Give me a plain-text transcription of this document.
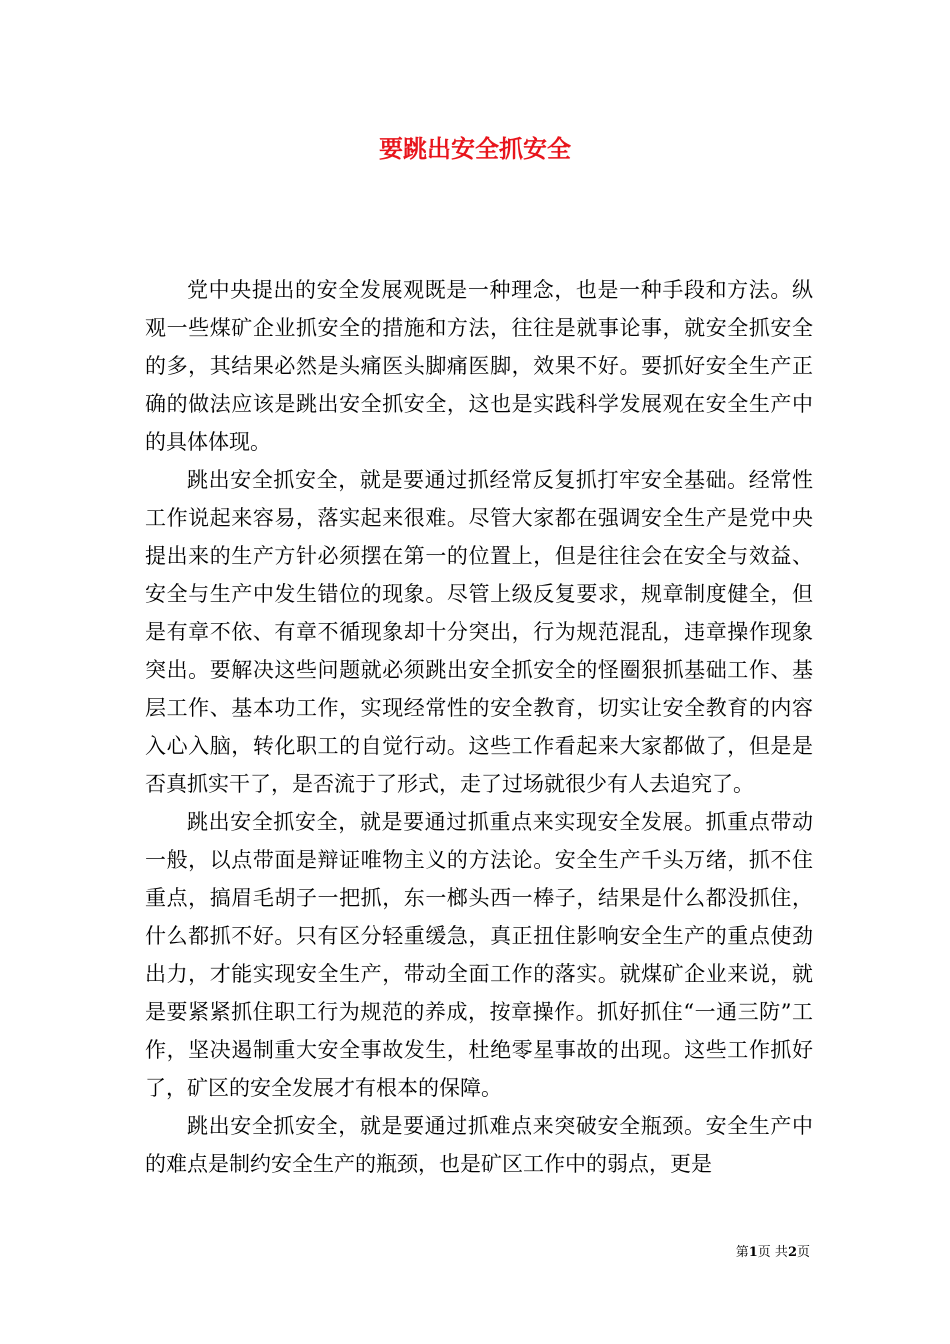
要跳出安全抓安全

党中央提出的安全发展观既是一种理念，也是一种手段和方法。纵观一些煤矿企业抓安全的措施和方法，往往是就事论事，就安全抓安全的多，其结果必然是头痛医头脚痛医脚，效果不好。要抓好安全生产正确的做法应该是跳出安全抓安全，这也是实践科学发展观在安全生产中的具体体现。

跳出安全抓安全，就是要通过抓经常反复抓打牢安全基础。经常性工作说起来容易，落实起来很难。尽管大家都在强调安全生产是党中央提出来的生产方针必须摆在第一的位置上，但是往往会在安全与效益、安全与生产中发生错位的现象。尽管上级反复要求，规章制度健全，但是有章不依、有章不循现象却十分突出，行为规范混乱，违章操作现象突出。要解决这些问题就必须跳出安全抓安全的怪圈狠抓基础工作、基层工作、基本功工作，实现经常性的安全教育，切实让安全教育的内容入心入脑，转化职工的自觉行动。这些工作看起来大家都做了，但是是否真抓实干了，是否流于了形式，走了过场就很少有人去追究了。

跳出安全抓安全，就是要通过抓重点来实现安全发展。抓重点带动一般，以点带面是辩证唯物主义的方法论。安全生产千头万绪，抓不住重点，搞眉毛胡子一把抓，东一榔头西一棒子，结果是什么都没抓住，什么都抓不好。只有区分轻重缓急，真正扭住影响安全生产的重点使劲出力，才能实现安全生产，带动全面工作的落实。就煤矿企业来说，就是要紧紧抓住职工行为规范的养成，按章操作。抓好抓住“一通三防”工作，坚决遏制重大安全事故发生，杜绝零星事故的出现。这些工作抓好了，矿区的安全发展才有根本的保障。

跳出安全抓安全，就是要通过抓难点来突破安全瓶颈。安全生产中的难点是制约安全生产的瓶颈，也是矿区工作中的弱点，更是

第1页 共2页
